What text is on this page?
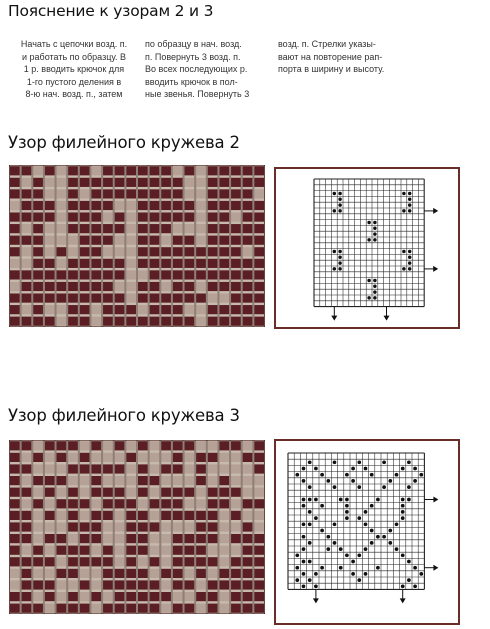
Пояснение к узорам 2 и 3
Начать с цепочки возд. п.
и работать по образцу. В
1 р. вводить крючок для
1-го пустого деления в
8-ю нач. возд. п., затем
по образцу в нач. возд.
п. Повернуть 3 возд. п.
Во всех последующих р.
вводить крючок в пол-
ные звенья. Повернуть 3
возд. п. Стрелки указы-
вают на повторение рап-
порта в ширину и высоту.
Узор филейного кружева 2
Узор филейного кружева 3
